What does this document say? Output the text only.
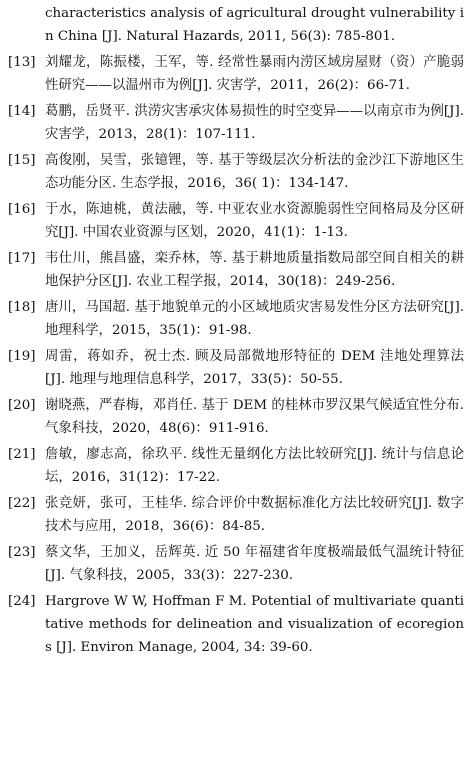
characteristics analysis of agricultural drought vulnerability in China [J]. Natural Hazards, 2011, 56(3): 785-801.
[13] 刘耀龙，陈振楼，王军，等. 经常性暴雨内涝区域房屋财（资）产脆弱性研究——以温州市为例[J]. 灾害学，2011，26(2)：66-71.
[14] 葛鹏，岳贤平. 洪涝灾害承灾体易损性的时空变异——以南京市为例[J]. 灾害学，2013，28(1)：107-111.
[15] 高俊刚，吴雪，张镱锂，等. 基于等级层次分析法的金沙江下游地区生态功能分区. 生态学报，2016，36( 1)：134-147.
[16] 于水，陈迪桃，黄法融，等. 中亚农业水资源脆弱性空间格局及分区研究[J]. 中国农业资源与区划，2020，41(1)：1-13.
[17] 韦仕川，熊昌盛，栾乔林，等. 基于耕地质量指数局部空间自相关的耕地保护分区[J]. 农业工程学报，2014，30(18)：249-256.
[18] 唐川，马国超. 基于地貌单元的小区域地质灾害易发性分区方法研究[J]. 地理科学，2015，35(1)：91-98.
[19] 周雷，蒋如乔，祝士杰. 顾及局部微地形特征的 DEM 洼地处理算法[J]. 地理与地理信息科学，2017，33(5)：50-55.
[20] 谢晓燕，严春梅，邓肖任. 基于 DEM 的桂林市罗汉果气候适宜性分布. 气象科技，2020，48(6)：911-916.
[21] 詹敏，廖志高，徐玖平. 线性无量纲化方法比较研究[J]. 统计与信息论坛，2016，31(12)：17-22.
[22] 张竞妍，张可，王桂华. 综合评价中数据标准化方法比较研究[J]. 数字技术与应用，2018，36(6)：84-85.
[23] 蔡文华，王加义，岳辉英. 近 50 年福建省年度极端最低气温统计特征[J]. 气象科技，2005，33(3)：227-230.
[24] Hargrove W W, Hoffman F M. Potential of multivariate quantitative methods for delineation and visualization of ecoregions [J]. Environ Manage, 2004, 34: 39-60.
